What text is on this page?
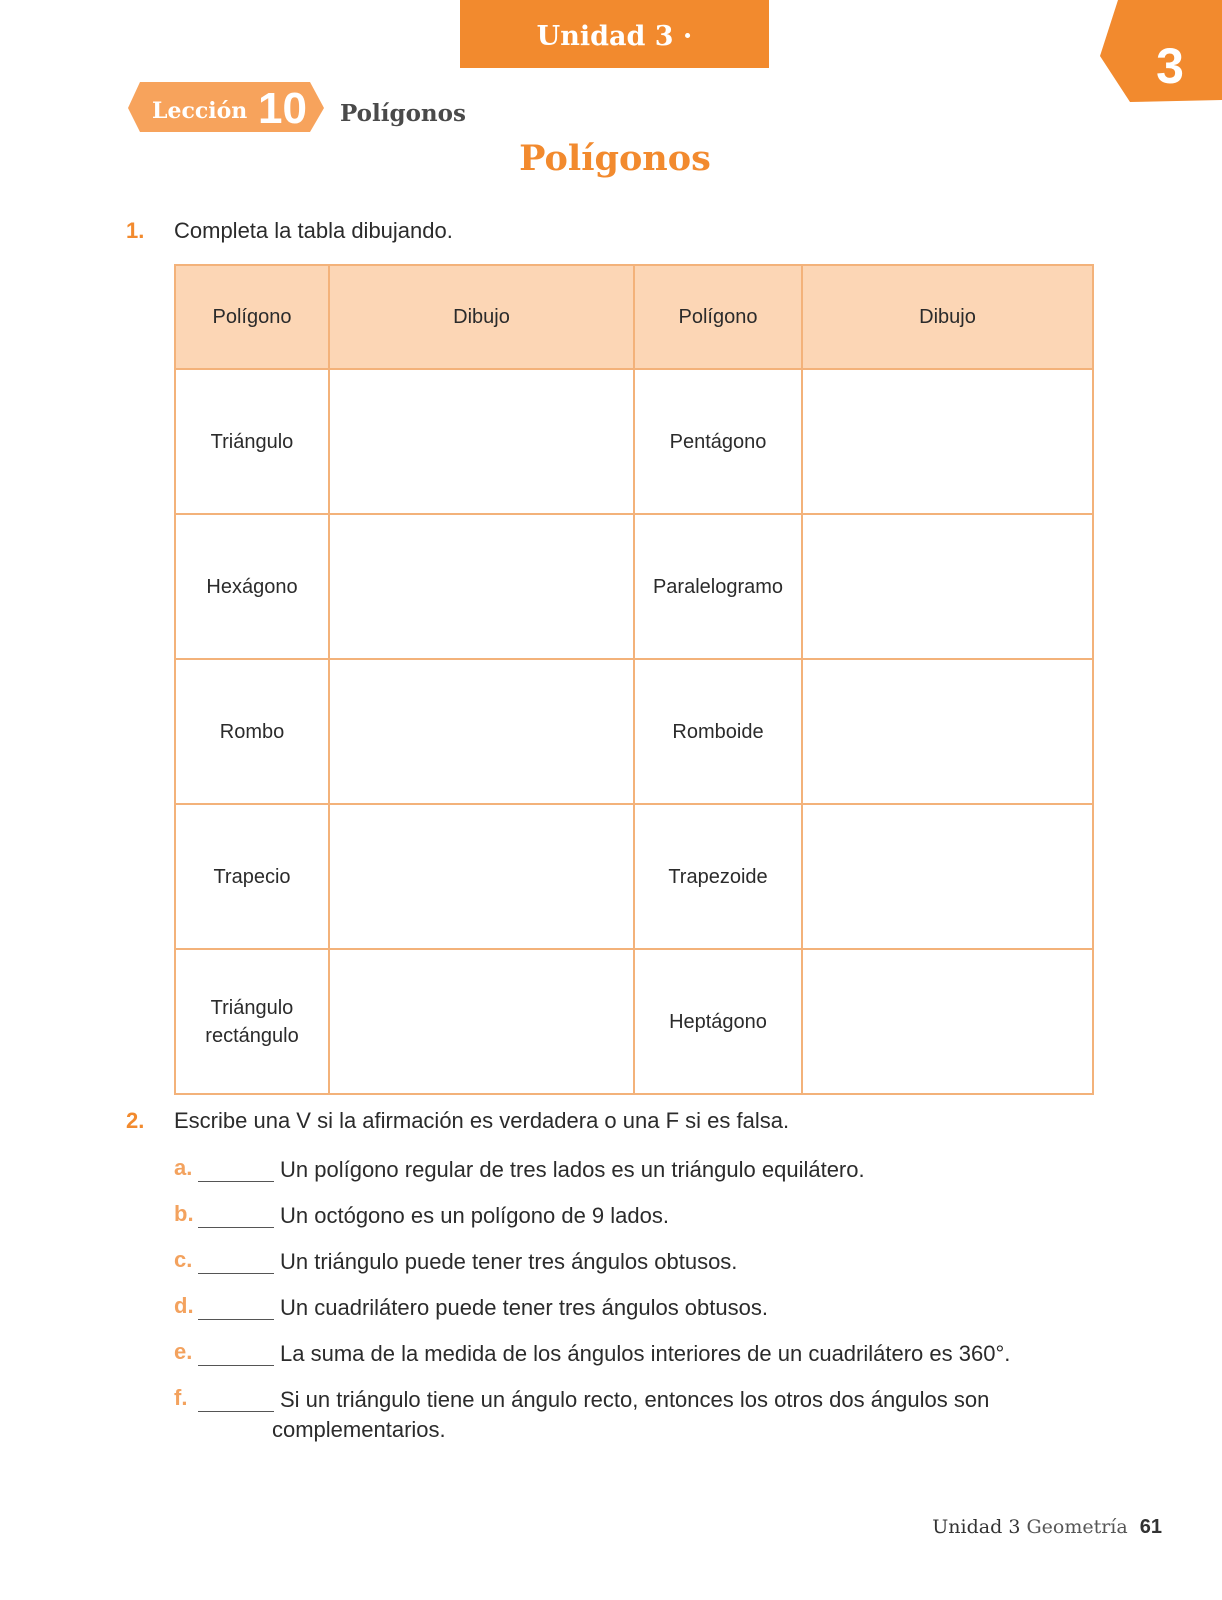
Unidad 3 · Geometría
3
Lección 10 Polígonos
Polígonos
1. Completa la tabla dibujando.
Polígono	Dibujo	Polígono	Dibujo
Triángulo		Pentágono	
Hexágono		Paralelogramo	
Rombo		Romboide	
Trapecio		Trapezoide	
Triángulo
rectángulo		Heptágono	
2. Escribe una V si la afirmación es verdadera o una F si es falsa.
a.	Un polígono regular de tres lados es un triángulo equilátero.
b.	Un octógono es un polígono de 9 lados.
c.	Un triángulo puede tener tres ángulos obtusos.
d.	Un cuadrilátero puede tener tres ángulos obtusos.
e.	La suma de la medida de los ángulos interiores de un cuadrilátero es 360°.
f.	Si un triángulo tiene un ángulo recto, entonces los otros dos ángulos son
complementarios.
Unidad 3 Geometría 61
